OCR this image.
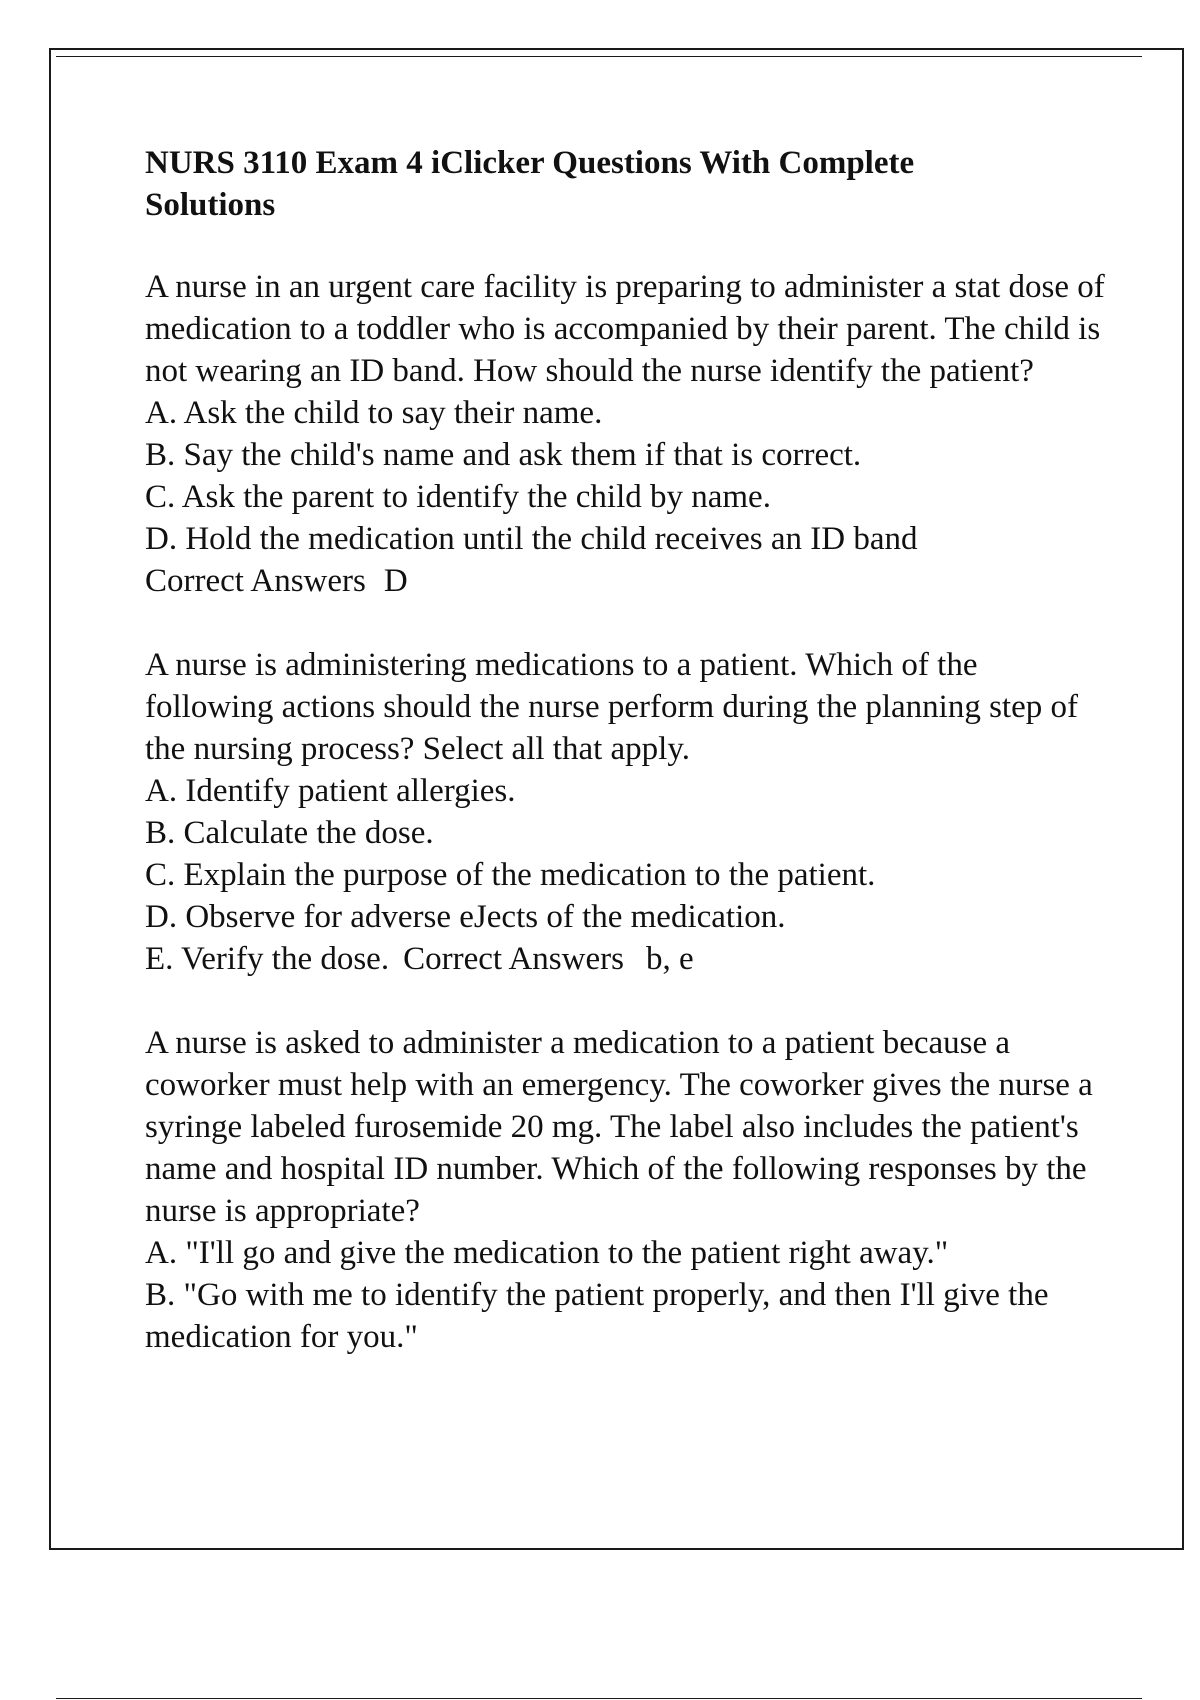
NURS 3110 Exam 4 iClicker Questions With Complete Solutions

A nurse in an urgent care facility is preparing to administer a stat dose of medication to a toddler who is accompanied by their parent. The child is not wearing an ID band. How should the nurse identify the patient?

A. Ask the child to say their name.

B. Say the child's name and ask them if that is correct.

C. Ask the parent to identify the child by name.

D. Hold the medication until the child receives an ID band

Correct Answers D

A nurse is administering medications to a patient. Which of the following actions should the nurse perform during the planning step of the nursing process? Select all that apply.

A. Identify patient allergies.

B. Calculate the dose.

C. Explain the purpose of the medication to the patient.

D. Observe for adverse eJects of the medication.

E. Verify the dose. Correct Answers b, e

A nurse is asked to administer a medication to a patient because a coworker must help with an emergency. The coworker gives the nurse a syringe labeled furosemide 20 mg. The label also includes the patient's name and hospital ID number. Which of the following responses by the nurse is appropriate?

A. "I'll go and give the medication to the patient right away."

B. "Go with me to identify the patient properly, and then I'll give the

medication for you."
